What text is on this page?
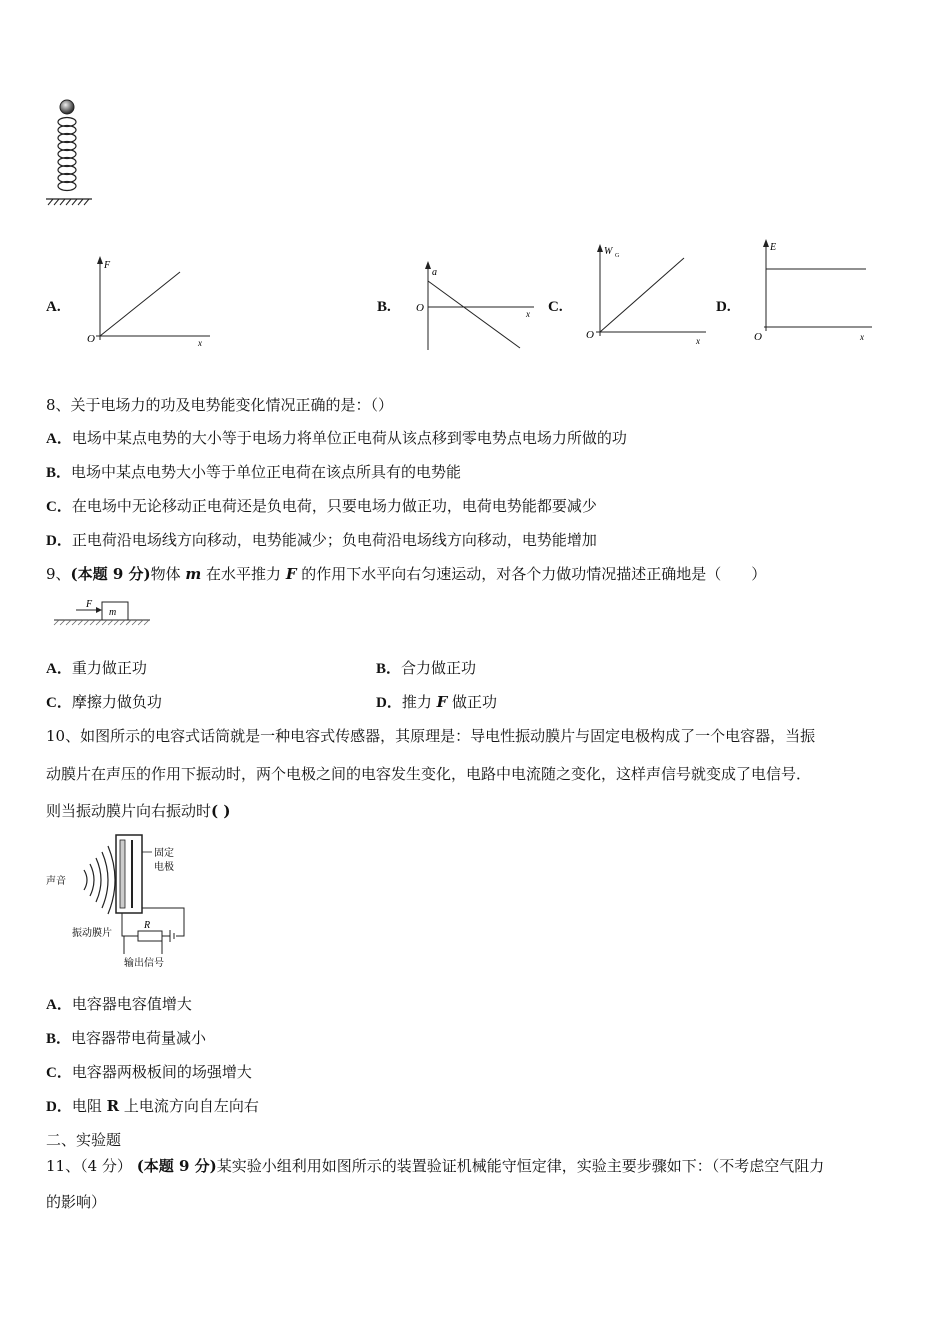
A.	B.	C.	D.
F
O	x
a
O	x
W G
O	x
E
O	x
8、关于电场力的功及电势能变化情况正确的是：（）
A．电场中某点电势的大小等于电场力将单位正电荷从该点移到零电势点电场力所做的功
B．电场中某点电势大小等于单位正电荷在该点所具有的电势能
C．在电场中无论移动正电荷还是负电荷，只要电场力做正功，电荷电势能都要减少
D．正电荷沿电场线方向移动，电势能减少；负电荷沿电场线方向移动，电势能增加
9、(本题 9 分)物体 m 在水平推力 F 的作用下水平向右匀速运动，对各个力做功情况描述正确地是（　　）
m
F
A．重力做正功	B．合力做正功
C．摩擦力做负功	D．推力 F 做正功
10、如图所示的电容式话筒就是一种电容式传感器，其原理是：导电性振动膜片与固定电极构成了一个电容器，当振
动膜片在声压的作用下振动时，两个电极之间的电容发生变化，电路中电流随之变化，这样声信号就变成了电信号．
则当振动膜片向右振动时( )
声音
固定
电极
R
振动膜片
输出信号
A．电容器电容值增大
B．电容器带电荷量减小
C．电容器两极板间的场强增大
D．电阻 R 上电流方向自左向右
二、实验题
11、（4 分） (本题 9 分)某实验小组利用如图所示的装置验证机械能守恒定律，实验主要步骤如下：（不考虑空气阻力
的影响）
